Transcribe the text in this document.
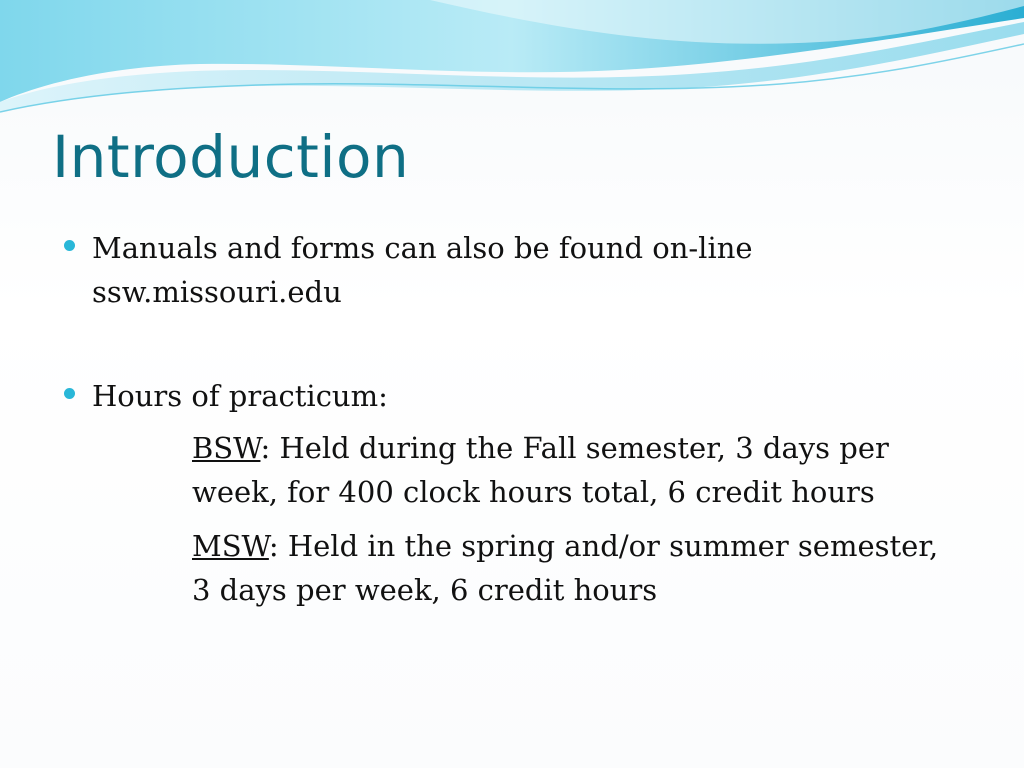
Introduction
Manuals and forms can also be found on-line
ssw.missouri.edu
Hours of practicum:
BSW: Held during the Fall semester, 3 days per week, for 400 clock hours total, 6 credit hours
MSW: Held in the spring and/or summer semester, 3 days per week, 6 credit hours
